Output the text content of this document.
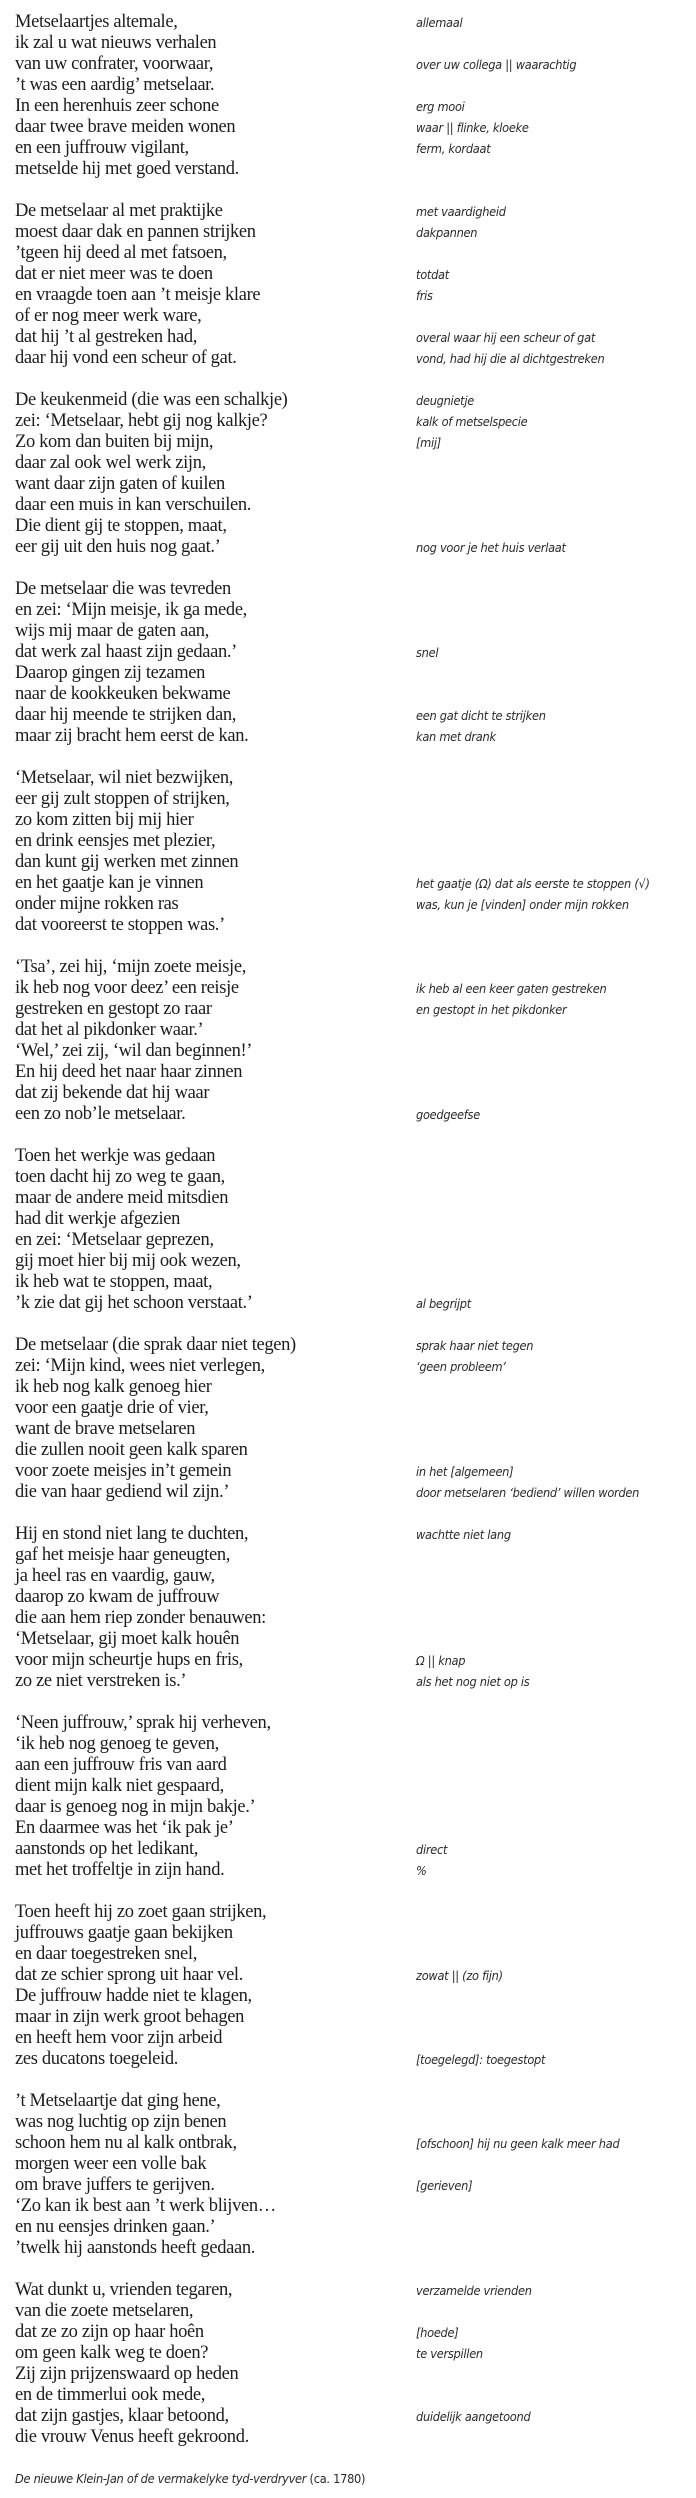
Metselaartjes altemale,	allemaal
ik zal u wat nieuws verhalen
van uw confrater, voorwaar,	over uw collega || waarachtig
’t was een aardig’ metselaar.
In een herenhuis zeer schone	erg mooi
daar twee brave meiden wonen	waar || flinke, kloeke
en een juffrouw vigilant,	ferm, kordaat
metselde hij met goed verstand.
De metselaar al met praktijke	met vaardigheid
moest daar dak en pannen strijken	dakpannen
’tgeen hij deed al met fatsoen,
dat er niet meer was te doen	totdat
en vraagde toen aan ’t meisje klare	fris
of er nog meer werk ware,
dat hij ’t al gestreken had,	overal waar hij een scheur of gat
daar hij vond een scheur of gat.	vond, had hij die al dichtgestreken
De keukenmeid (die was een schalkje)	deugnietje
zei: ‘Metselaar, hebt gij nog kalkje?	kalk of metselspecie
Zo kom dan buiten bij mijn,	[mij]
daar zal ook wel werk zijn,
want daar zijn gaten of kuilen
daar een muis in kan verschuilen.
Die dient gij te stoppen, maat,
eer gij uit den huis nog gaat.’	nog voor je het huis verlaat
De metselaar die was tevreden
en zei: ‘Mijn meisje, ik ga mede,
wijs mij maar de gaten aan,
dat werk zal haast zijn gedaan.’	snel
Daarop gingen zij tezamen
naar de kookkeuken bekwame
daar hij meende te strijken dan,	een gat dicht te strijken
maar zij bracht hem eerst de kan.	kan met drank
‘Metselaar, wil niet bezwijken,
eer gij zult stoppen of strijken,
zo kom zitten bij mij hier
en drink eensjes met plezier,
dan kunt gij werken met zinnen
en het gaatje kan je vinnen	het gaatje (Ω) dat als eerste te stoppen (√)
onder mijne rokken ras	was, kun je [vinden] onder mijn rokken
dat vooreerst te stoppen was.’
‘Tsa’, zei hij, ‘mijn zoete meisje,
ik heb nog voor deez’ een reisje	ik heb al een keer gaten gestreken
gestreken en gestopt zo raar	en gestopt in het pikdonker
dat het al pikdonker waar.’
‘Wel,’ zei zij, ‘wil dan beginnen!’
En hij deed het naar haar zinnen
dat zij bekende dat hij waar
een zo nob’le metselaar.	goedgeefse
Toen het werkje was gedaan
toen dacht hij zo weg te gaan,
maar de andere meid mitsdien
had dit werkje afgezien
en zei: ‘Metselaar geprezen,
gij moet hier bij mij ook wezen,
ik heb wat te stoppen, maat,
’k zie dat gij het schoon verstaat.’	al begrijpt
De metselaar (die sprak daar niet tegen)	sprak haar niet tegen
zei: ‘Mijn kind, wees niet verlegen,	‘geen probleem’
ik heb nog kalk genoeg hier
voor een gaatje drie of vier,
want de brave metselaren
die zullen nooit geen kalk sparen
voor zoete meisjes in’t gemein	in het [algemeen]
die van haar gediend wil zijn.’	door metselaren ‘bediend’ willen worden
Hij en stond niet lang te duchten,	wachtte niet lang
gaf het meisje haar geneugten,
ja heel ras en vaardig, gauw,
daarop zo kwam de juffrouw
die aan hem riep zonder benauwen:
‘Metselaar, gij moet kalk houên
voor mijn scheurtje hups en fris,	Ω || knap
zo ze niet verstreken is.’	als het nog niet op is
‘Neen juffrouw,’ sprak hij verheven,
‘ik heb nog genoeg te geven,
aan een juffrouw fris van aard
dient mijn kalk niet gespaard,
daar is genoeg nog in mijn bakje.’
En daarmee was het ‘ik pak je’
aanstonds op het ledikant,	direct
met het troffeltje in zijn hand.	%
Toen heeft hij zo zoet gaan strijken,
juffrouws gaatje gaan bekijken
en daar toegestreken snel,
dat ze schier sprong uit haar vel.	zowat || (zo fijn)
De juffrouw hadde niet te klagen,
maar in zijn werk groot behagen
en heeft hem voor zijn arbeid
zes ducatons toegeleid.	[toegelegd]: toegestopt
’t Metselaartje dat ging hene,
was nog luchtig op zijn benen
schoon hem nu al kalk ontbrak,	[ofschoon] hij nu geen kalk meer had
morgen weer een volle bak
om brave juffers te gerijven.	[gerieven]
‘Zo kan ik best aan ’t werk blijven…
en nu eensjes drinken gaan.’
’twelk hij aanstonds heeft gedaan.
Wat dunkt u, vrienden tegaren,	verzamelde vrienden
van die zoete metselaren,
dat ze zo zijn op haar hoên	[hoede]
om geen kalk weg te doen?	te verspillen
Zij zijn prijzenswaard op heden
en de timmerlui ook mede,
dat zijn gastjes, klaar betoond,	duidelijk aangetoond
die vrouw Venus heeft gekroond.
De nieuwe Klein-Jan of de vermakelyke tyd-verdryver (ca. 1780)
